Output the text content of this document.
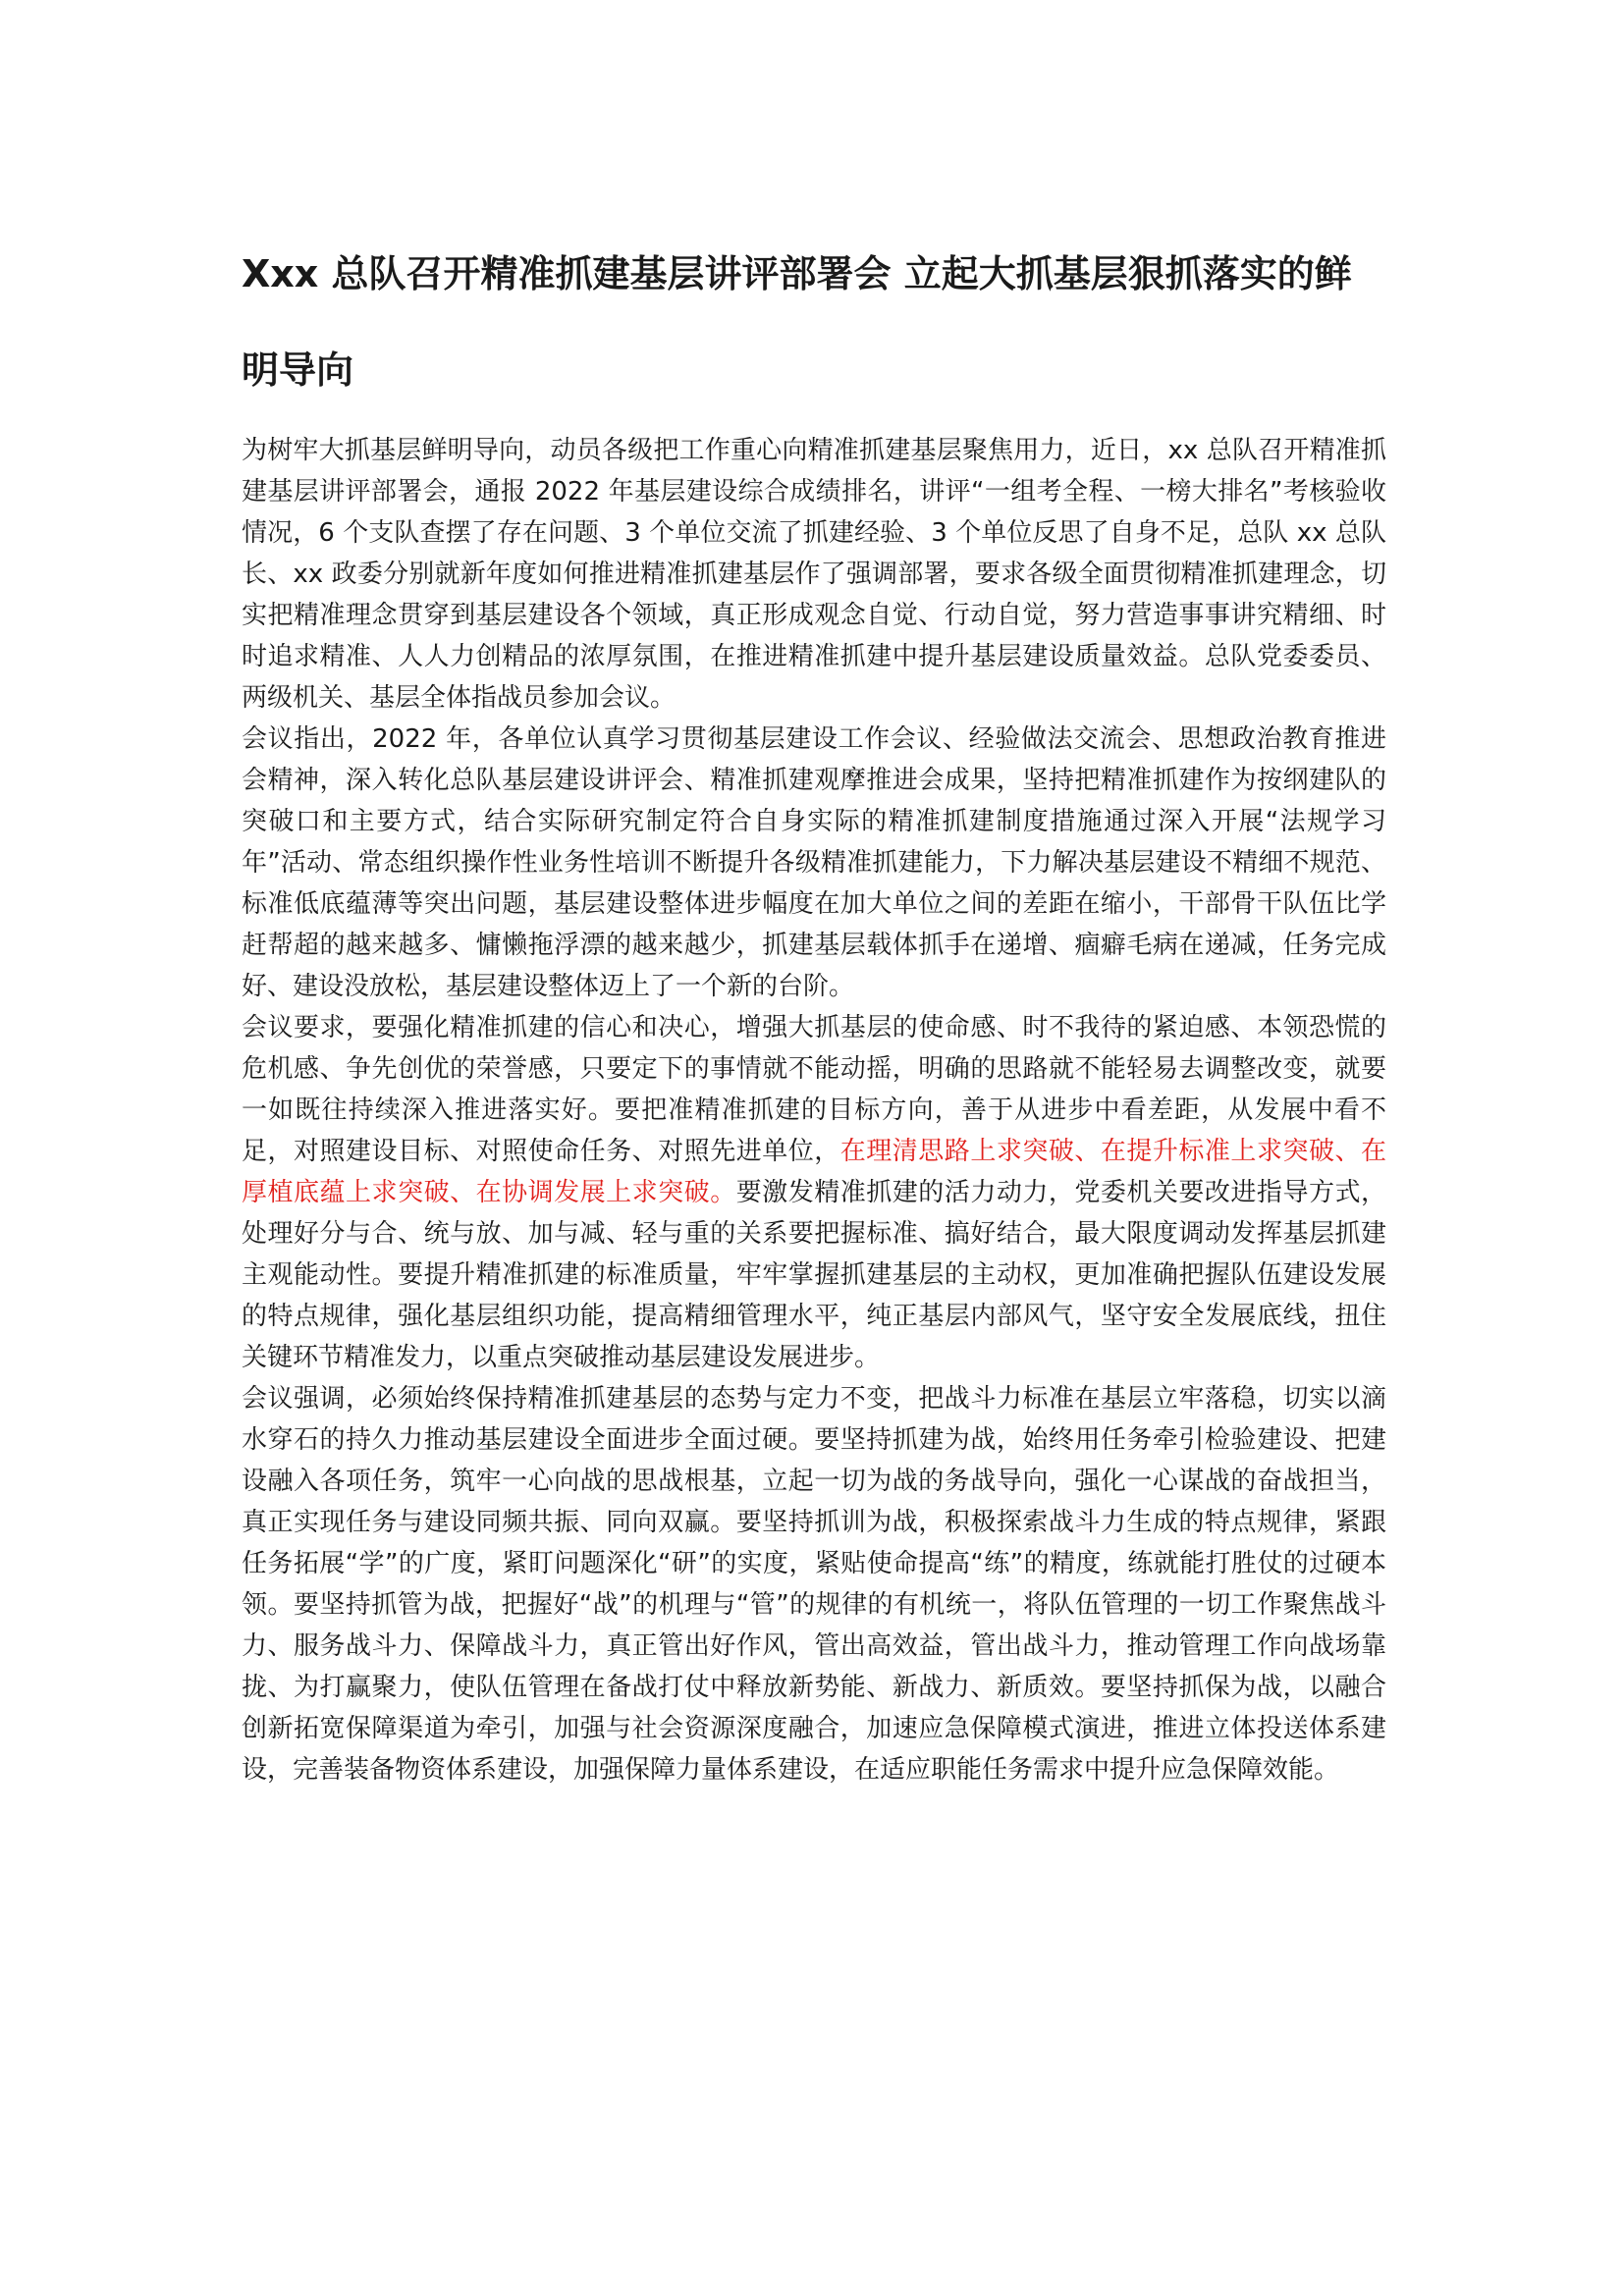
Xxx 总队召开精准抓建基层讲评部署会 立起大抓基层狠抓落实的鲜明导向

为树牢大抓基层鲜明导向，动员各级把工作重心向精准抓建基层聚焦用力，近日，xx 总队召开精准抓建基层讲评部署会，通报 2022 年基层建设综合成绩排名，讲评“一组考全程、一榜大排名”考核验收情况，6 个支队查摆了存在问题、3 个单位交流了抓建经验、3 个单位反思了自身不足，总队 xx 总队长、xx 政委分别就新年度如何推进精准抓建基层作了强调部署，要求各级全面贯彻精准抓建理念，切实把精准理念贯穿到基层建设各个领域，真正形成观念自觉、行动自觉，努力营造事事讲究精细、时时追求精准、人人力创精品的浓厚氛围，在推进精准抓建中提升基层建设质量效益。总队党委委员、两级机关、基层全体指战员参加会议。

会议指出，2022 年，各单位认真学习贯彻基层建设工作会议、经验做法交流会、思想政治教育推进会精神，深入转化总队基层建设讲评会、精准抓建观摩推进会成果，坚持把精准抓建作为按纲建队的突破口和主要方式，结合实际研究制定符合自身实际的精准抓建制度措施通过深入开展“法规学习年”活动、常态组织操作性业务性培训不断提升各级精准抓建能力，下力解决基层建设不精细不规范、标准低底蕴薄等突出问题，基层建设整体进步幅度在加大单位之间的差距在缩小，干部骨干队伍比学赶帮超的越来越多、慵懒拖浮漂的越来越少，抓建基层载体抓手在递增、痼癖毛病在递减，任务完成好、建设没放松，基层建设整体迈上了一个新的台阶。

会议要求，要强化精准抓建的信心和决心，增强大抓基层的使命感、时不我待的紧迫感、本领恐慌的危机感、争先创优的荣誉感，只要定下的事情就不能动摇，明确的思路就不能轻易去调整改变，就要一如既往持续深入推进落实好。要把准精准抓建的目标方向，善于从进步中看差距，从发展中看不足，对照建设目标、对照使命任务、对照先进单位，在理清思路上求突破、在提升标准上求突破、在厚植底蕴上求突破、在协调发展上求突破。要激发精准抓建的活力动力，党委机关要改进指导方式，处理好分与合、统与放、加与减、轻与重的关系要把握标准、搞好结合，最大限度调动发挥基层抓建主观能动性。要提升精准抓建的标准质量，牢牢掌握抓建基层的主动权，更加准确把握队伍建设发展的特点规律，强化基层组织功能，提高精细管理水平，纯正基层内部风气，坚守安全发展底线，扭住关键环节精准发力，以重点突破推动基层建设发展进步。

会议强调，必须始终保持精准抓建基层的态势与定力不变，把战斗力标准在基层立牢落稳，切实以滴水穿石的持久力推动基层建设全面进步全面过硬。要坚持抓建为战，始终用任务牵引检验建设、把建设融入各项任务，筑牢一心向战的思战根基，立起一切为战的务战导向，强化一心谋战的奋战担当，真正实现任务与建设同频共振、同向双赢。要坚持抓训为战，积极探索战斗力生成的特点规律，紧跟任务拓展“学”的广度，紧盯问题深化“研”的实度，紧贴使命提高“练”的精度，练就能打胜仗的过硬本领。要坚持抓管为战，把握好“战”的机理与“管”的规律的有机统一，将队伍管理的一切工作聚焦战斗力、服务战斗力、保障战斗力，真正管出好作风，管出高效益，管出战斗力，推动管理工作向战场靠拢、为打赢聚力，使队伍管理在备战打仗中释放新势能、新战力、新质效。要坚持抓保为战，以融合创新拓宽保障渠道为牵引，加强与社会资源深度融合，加速应急保障模式演进，推进立体投送体系建设，完善装备物资体系建设，加强保障力量体系建设，在适应职能任务需求中提升应急保障效能。
